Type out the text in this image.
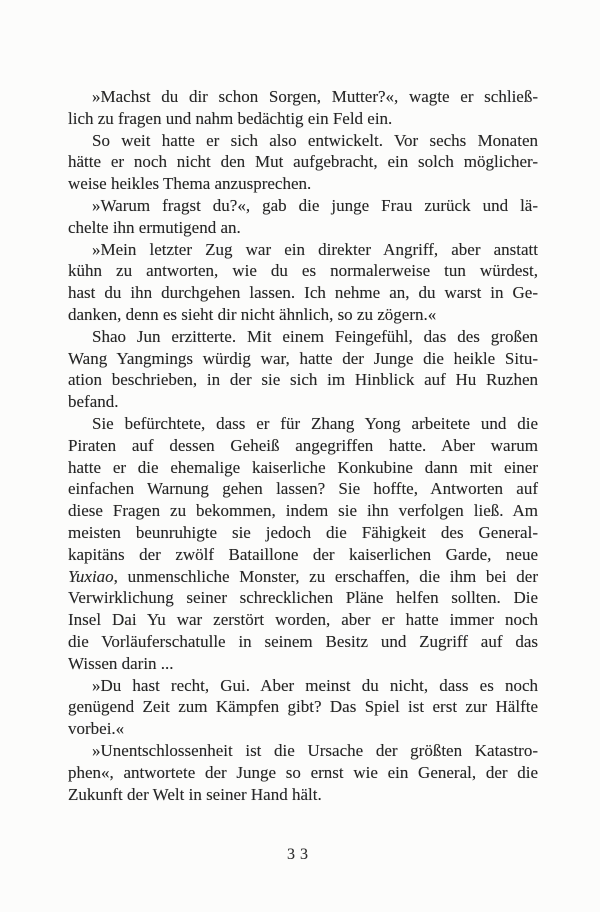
»Machst du dir schon Sorgen, Mutter?«, wagte er schließ-
lich zu fragen und nahm bedächtig ein Feld ein.
So weit hatte er sich also entwickelt. Vor sechs Monaten
hätte er noch nicht den Mut aufgebracht, ein solch möglicher-
weise heikles Thema anzusprechen.
»Warum fragst du?«, gab die junge Frau zurück und lä-
chelte ihn ermutigend an.
»Mein letzter Zug war ein direkter Angriff, aber anstatt
kühn zu antworten, wie du es normalerweise tun würdest,
hast du ihn durchgehen lassen. Ich nehme an, du warst in Ge-
danken, denn es sieht dir nicht ähnlich, so zu zögern.«
Shao Jun erzitterte. Mit einem Feingefühl, das des großen
Wang Yangmings würdig war, hatte der Junge die heikle Situ-
ation beschrieben, in der sie sich im Hinblick auf Hu Ruzhen
befand.
Sie befürchtete, dass er für Zhang Yong arbeitete und die
Piraten auf dessen Geheiß angegriffen hatte. Aber warum
hatte er die ehemalige kaiserliche Konkubine dann mit einer
einfachen Warnung gehen lassen? Sie hoffte, Antworten auf
diese Fragen zu bekommen, indem sie ihn verfolgen ließ. Am
meisten beunruhigte sie jedoch die Fähigkeit des General-
kapitäns der zwölf Bataillone der kaiserlichen Garde, neue
Yuxiao, unmenschliche Monster, zu erschaffen, die ihm bei der
Verwirklichung seiner schrecklichen Pläne helfen sollten. Die
Insel Dai Yu war zerstört worden, aber er hatte immer noch
die Vorläuferschatulle in seinem Besitz und Zugriff auf das
Wissen darin ...
»Du hast recht, Gui. Aber meinst du nicht, dass es noch
genügend Zeit zum Kämpfen gibt? Das Spiel ist erst zur Hälfte
vorbei.«
»Unentschlossenheit ist die Ursache der größten Katastro-
phen«, antwortete der Junge so ernst wie ein General, der die
Zukunft der Welt in seiner Hand hält.
33
